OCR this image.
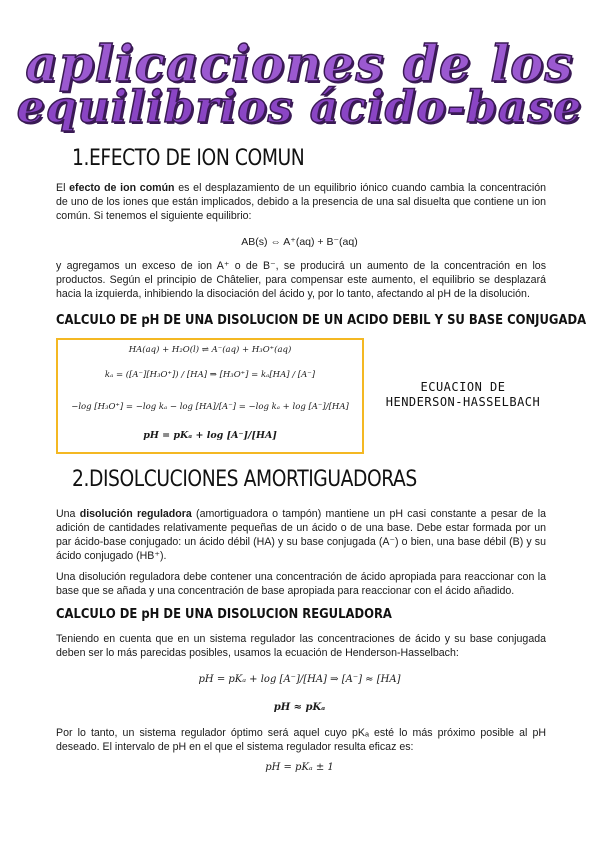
aplicaciones de los
equilibrios ácido-base
1.EFECTO DE ION COMUN
El efecto de ion común es el desplazamiento de un equilibrio iónico cuando cambia la concentración de uno de los iones que están implicados, debido a la presencia de una sal disuelta que contiene un ion común. Si tenemos el siguiente equilibrio:
AB(s) ⇔ A⁺(aq) + B⁻(aq)
y agregamos un exceso de ion A⁺ o de B⁻, se producirá un aumento de la concentración en los productos. Según el principio de Châtelier, para compensar este aumento, el equilibrio se desplazará hacia la izquierda, inhibiendo la disociación del ácido y, por lo tanto, afectando al pH de la disolución.
CALCULO DE pH DE UNA DISOLUCION DE UN ACIDO DEBIL Y SU BASE CONJUGADA
HA(aq) + H₂O(l) ⇌ A⁻(aq) + H₃O⁺(aq)
kₐ = ([A⁻][H₃O⁺]) / [HA] ⇒ [H₃O⁺] = kₐ[HA] / [A⁻]
−log [H₃O⁺] = −log kₐ − log [HA]/[A⁻] = −log kₐ + log [A⁻]/[HA]
pH = pKₐ + log [A⁻]/[HA]
ECUACION DE
HENDERSON-HASSELBACH
2.DISOLCUCIONES AMORTIGUADORAS
Una disolución reguladora (amortiguadora o tampón) mantiene un pH casi constante a pesar de la adición de cantidades relativamente pequeñas de un ácido o de una base. Debe estar formada por un par ácido-base conjugado: un ácido débil (HA) y su base conjugada (A⁻) o bien, una base débil (B) y su ácido conjugado (HB⁺).
Una disolución reguladora debe contener una concentración de ácido apropiada para reaccionar con la base que se añada y una concentración de base apropiada para reaccionar con el ácido añadido.
CALCULO DE pH DE UNA DISOLUCION REGULADORA
Teniendo en cuenta que en un sistema regulador las concentraciones de ácido y su base conjugada deben ser lo más parecidas posibles, usamos la ecuación de Henderson-Hasselbach:
pH = pKₐ + log [A⁻]/[HA] ⇒ [A⁻] ≈ [HA]
pH ≈ pKₐ
Por lo tanto, un sistema regulador óptimo será aquel cuyo pKₐ esté lo más próximo posible al pH deseado. El intervalo de pH en el que el sistema regulador resulta eficaz es:
pH = pKₐ ± 1
